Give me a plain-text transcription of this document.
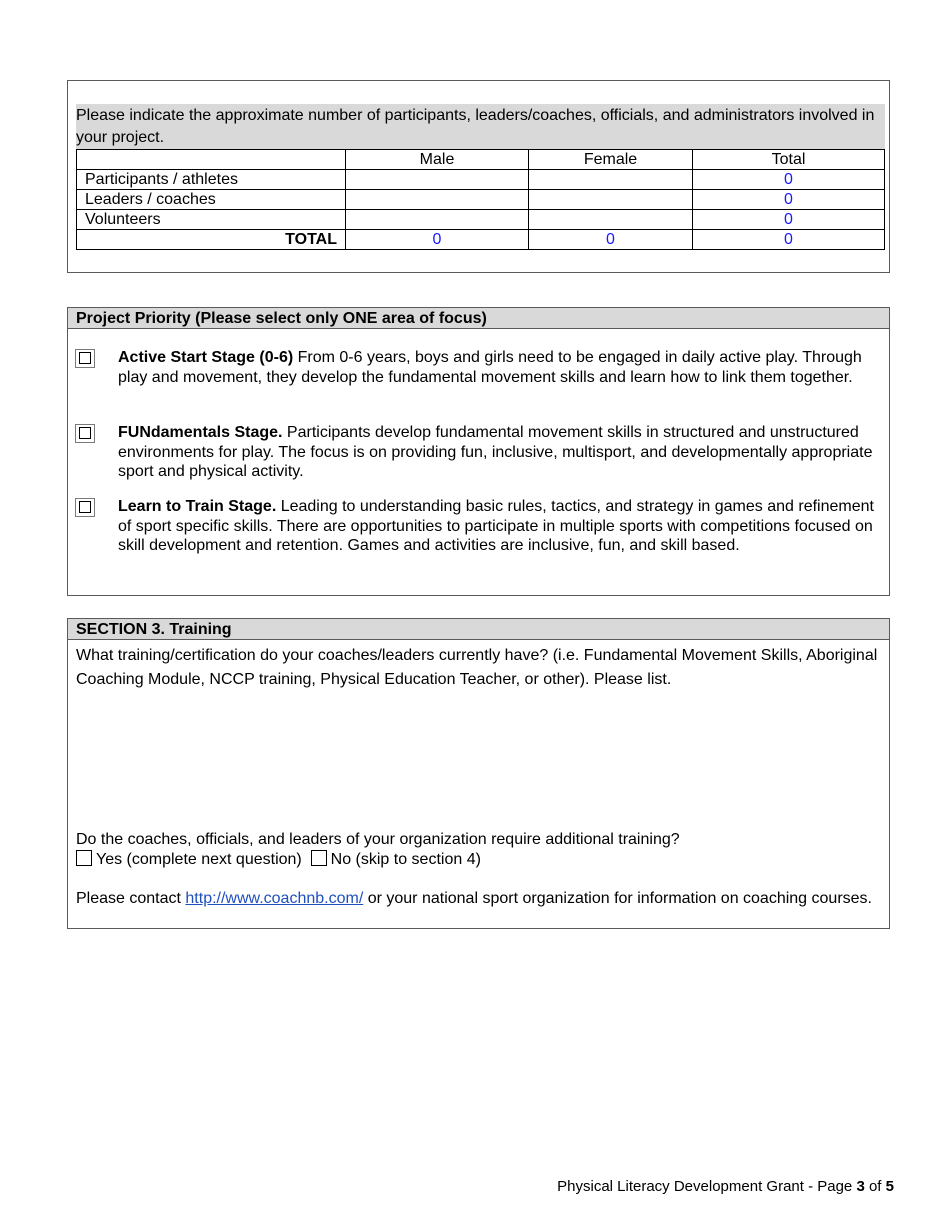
Please indicate the approximate number of participants, leaders/coaches, officials, and administrators involved in your project.
	Male	Female	Total
Participants / athletes			0
Leaders / coaches			0
Volunteers			0
TOTAL	0	0	0
Project Priority (Please select only ONE area of focus)
Active Start Stage (0-6) From 0-6 years, boys and girls need to be engaged in daily active play. Through play and movement, they develop the fundamental movement skills and learn how to link them together.
FUNdamentals Stage. Participants develop fundamental movement skills in structured and unstructured environments for play. The focus is on providing fun, inclusive, multisport, and developmentally appropriate sport and physical activity.
Learn to Train Stage. Leading to understanding basic rules, tactics, and strategy in games and refinement of sport specific skills. There are opportunities to participate in multiple sports with competitions focused on skill development and retention. Games and activities are inclusive, fun, and skill based.
SECTION 3. Training
What training/certification do your coaches/leaders currently have? (i.e. Fundamental Movement Skills, Aboriginal Coaching Module, NCCP training, Physical Education Teacher, or other). Please list.
Do the coaches, officials, and leaders of your organization require additional training?
Yes (complete next question) No (skip to section 4)
Please contact http://www.coachnb.com/ or your national sport organization for information on coaching courses.
Physical Literacy Development Grant - Page 3 of 5
